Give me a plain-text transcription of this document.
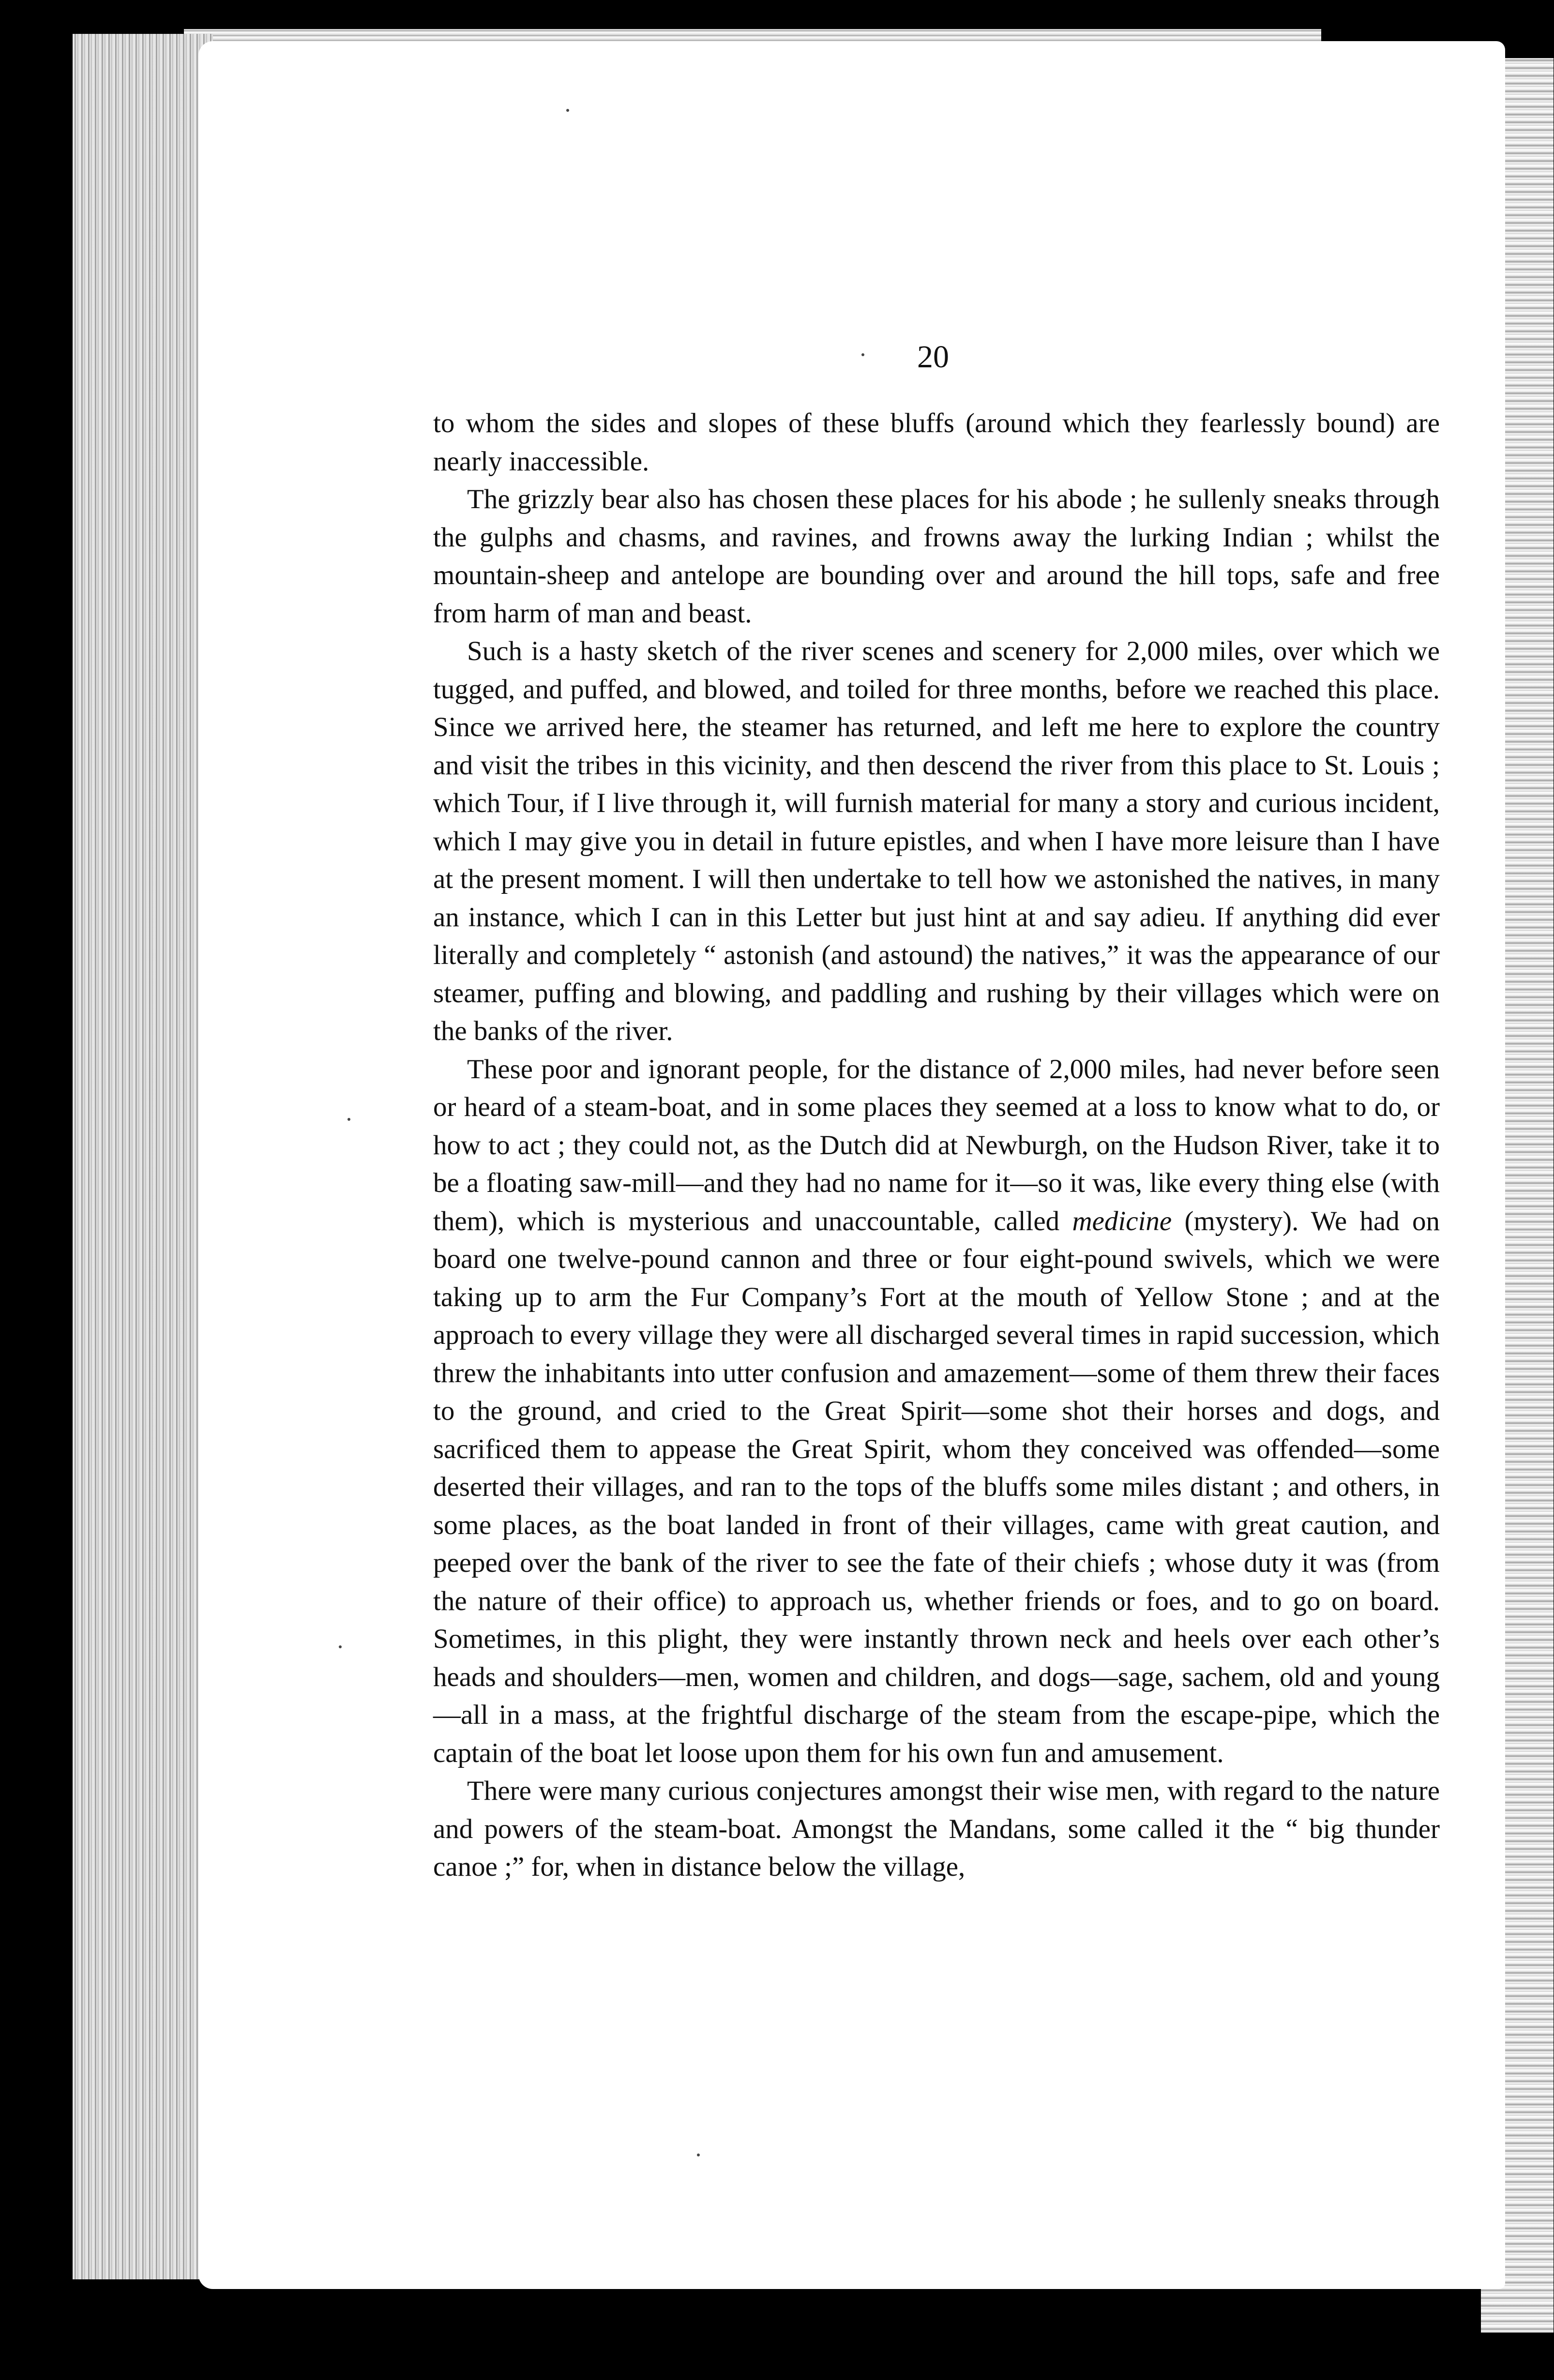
20

to whom the sides and slopes of these bluffs (around which they fearlessly bound) are nearly inaccessible.

The grizzly bear also has chosen these places for his abode ; he sullenly sneaks through the gulphs and chasms, and ravines, and frowns away the lurking Indian ; whilst the mountain-sheep and antelope are bounding over and around the hill tops, safe and free from harm of man and beast.

Such is a hasty sketch of the river scenes and scenery for 2,000 miles, over which we tugged, and puffed, and blowed, and toiled for three months, before we reached this place. Since we arrived here, the steamer has returned, and left me here to explore the country and visit the tribes in this vicinity, and then descend the river from this place to St. Louis ; which Tour, if I live through it, will furnish material for many a story and curious incident, which I may give you in detail in future epistles, and when I have more leisure than I have at the present moment. I will then undertake to tell how we astonished the natives, in many an instance, which I can in this Letter but just hint at and say adieu. If anything did ever literally and completely “ astonish (and astound) the natives,” it was the appearance of our steamer, puffing and blowing, and paddling and rushing by their villages which were on the banks of the river.

These poor and ignorant people, for the distance of 2,000 miles, had never before seen or heard of a steam-boat, and in some places they seemed at a loss to know what to do, or how to act ; they could not, as the Dutch did at Newburgh, on the Hudson River, take it to be a floating saw-mill—and they had no name for it—so it was, like every thing else (with them), which is mysterious and unaccountable, called medicine (mystery). We had on board one twelve-pound cannon and three or four eight-pound swivels, which we were taking up to arm the Fur Company’s Fort at the mouth of Yellow Stone ; and at the approach to every village they were all discharged several times in rapid succession, which threw the inhabitants into utter confusion and amazement—some of them threw their faces to the ground, and cried to the Great Spirit—some shot their horses and dogs, and sacrificed them to appease the Great Spirit, whom they conceived was offended—some deserted their villages, and ran to the tops of the bluffs some miles distant ; and others, in some places, as the boat landed in front of their villages, came with great caution, and peeped over the bank of the river to see the fate of their chiefs ; whose duty it was (from the nature of their office) to approach us, whether friends or foes, and to go on board. Sometimes, in this plight, they were instantly thrown neck and heels over each other’s heads and shoulders—men, women and children, and dogs—sage, sachem, old and young—all in a mass, at the frightful discharge of the steam from the escape-pipe, which the captain of the boat let loose upon them for his own fun and amusement.

There were many curious conjectures amongst their wise men, with regard to the nature and powers of the steam-boat. Amongst the Mandans, some called it the “ big thunder canoe ;” for, when in distance below the village,
